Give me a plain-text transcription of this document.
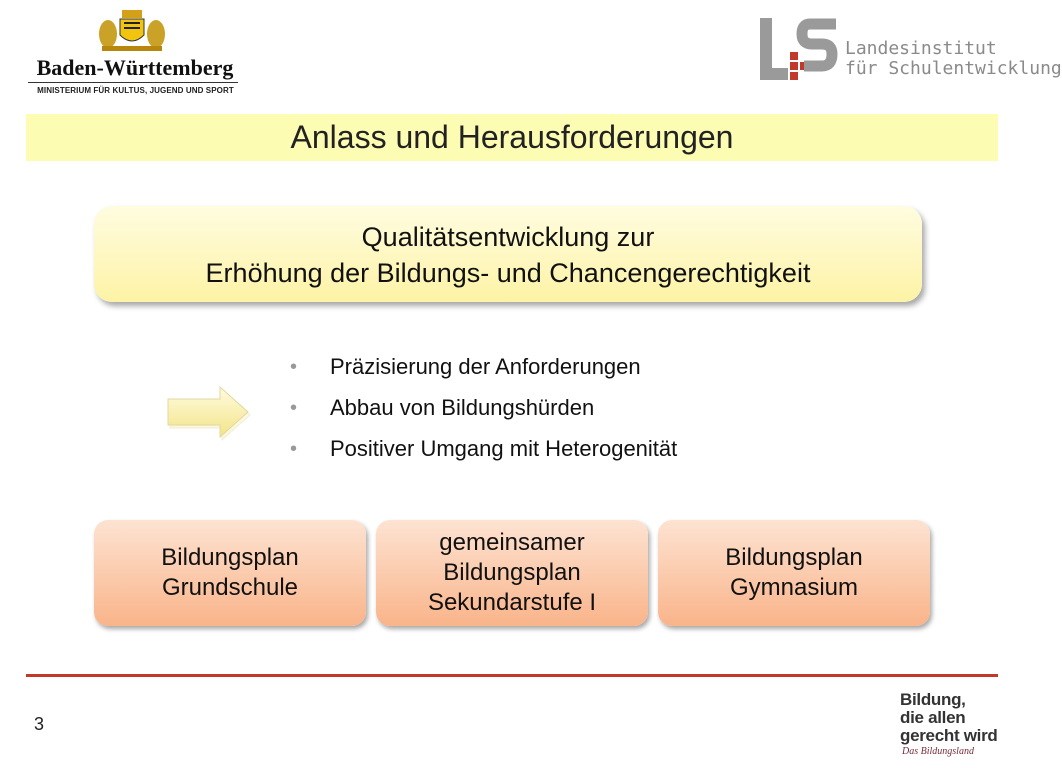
Baden-Württemberg
MINISTERIUM FÜR KULTUS, JUGEND UND SPORT
Landesinstitut
für Schulentwicklung
Anlass und Herausforderungen
Qualitätsentwicklung zur
Erhöhung der Bildungs- und Chancengerechtigkeit
• Präzisierung der Anforderungen
• Abbau von Bildungshürden
• Positiver Umgang mit Heterogenität
Bildungsplan
Grundschule
gemeinsamer
Bildungsplan
Sekundarstufe I
Bildungsplan
Gymnasium
3
Bildung,
die allen
gerecht wird
Das Bildungsland
